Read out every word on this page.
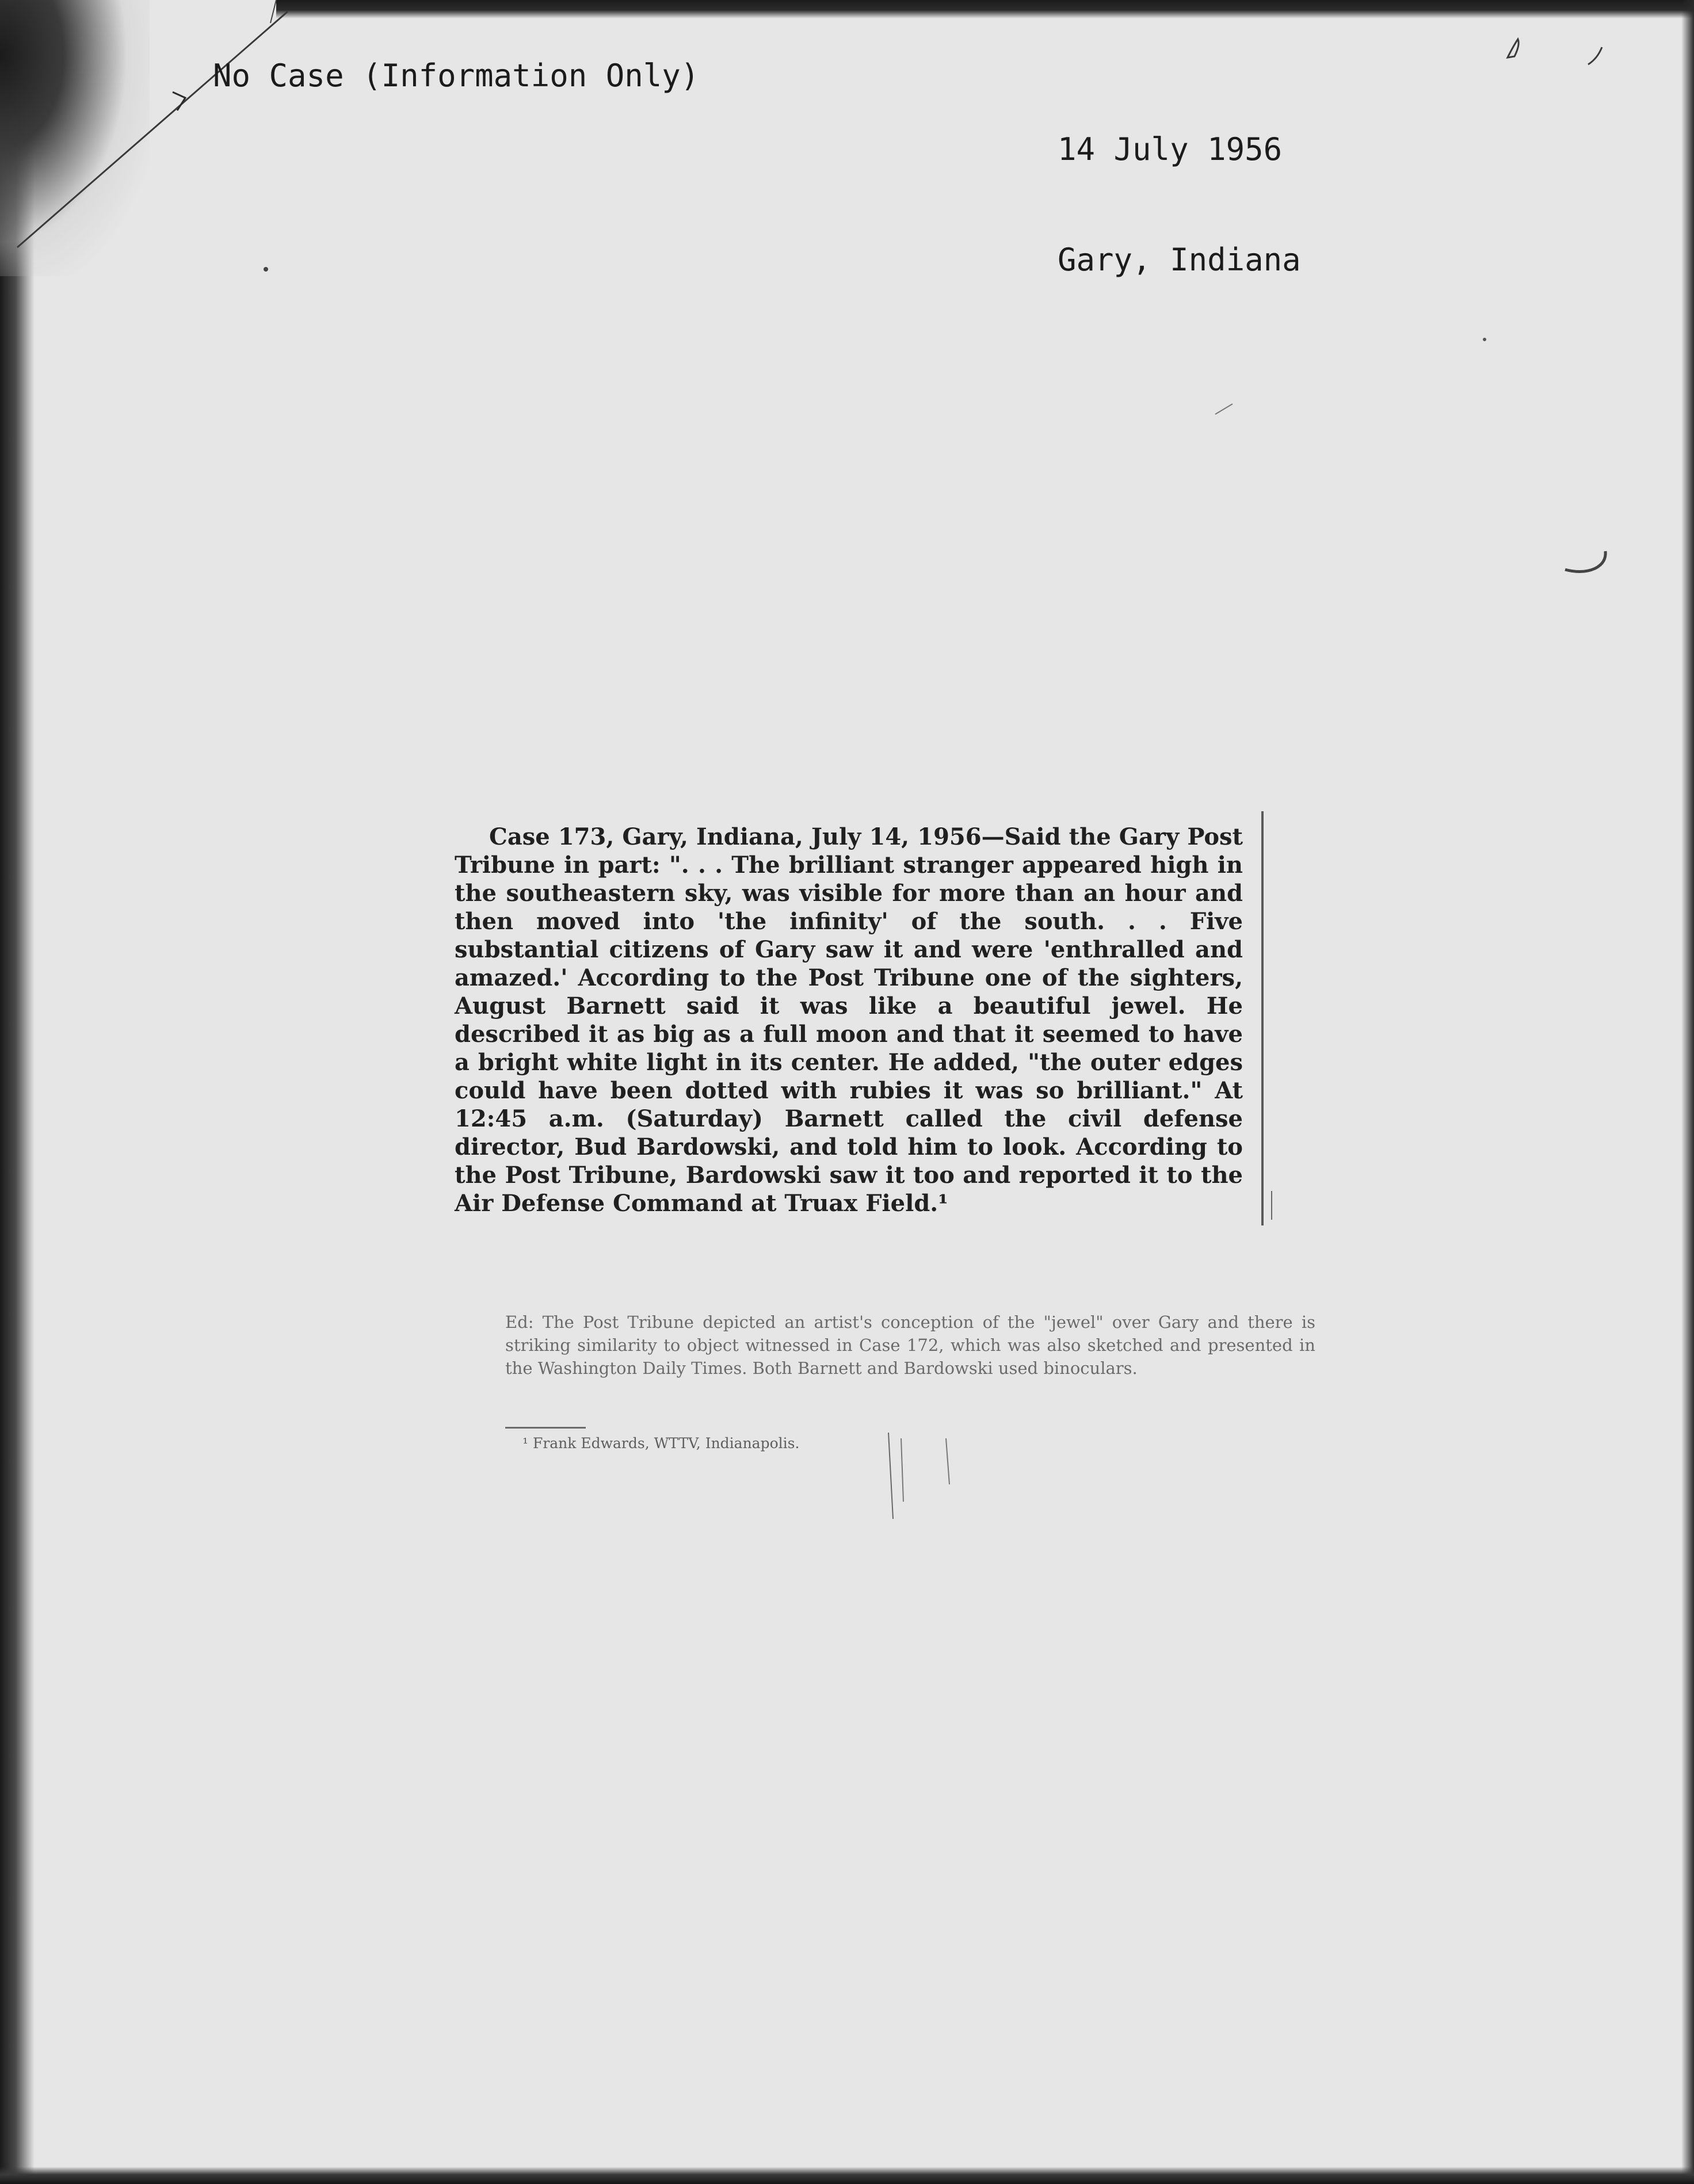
No Case (Information Only)

14 July 1956

Gary, Indiana

Case 173, Gary, Indiana, July 14, 1956—Said the Gary Post Tribune in part: ". . . The brilliant stranger appeared high in the southeastern sky, was visible for more than an hour and then moved into 'the infinity' of the south. . . Five substantial citizens of Gary saw it and were 'enthralled and amazed.' According to the Post Tribune one of the sighters, August Barnett said it was like a beautiful jewel. He described it as big as a full moon and that it seemed to have a bright white light in its center. He added, "the outer edges could have been dotted with rubies it was so brilliant." At 12:45 a.m. (Saturday) Barnett called the civil defense director, Bud Bardowski, and told him to look. According to the Post Tribune, Bardowski saw it too and reported it to the Air Defense Command at Truax Field.¹

Ed: The Post Tribune depicted an artist's conception of the "jewel" over Gary and there is striking similarity to object witnessed in Case 172, which was also sketched and presented in the Washington Daily Times. Both Barnett and Bardowski used binoculars.

¹ Frank Edwards, WTTV, Indianapolis.
